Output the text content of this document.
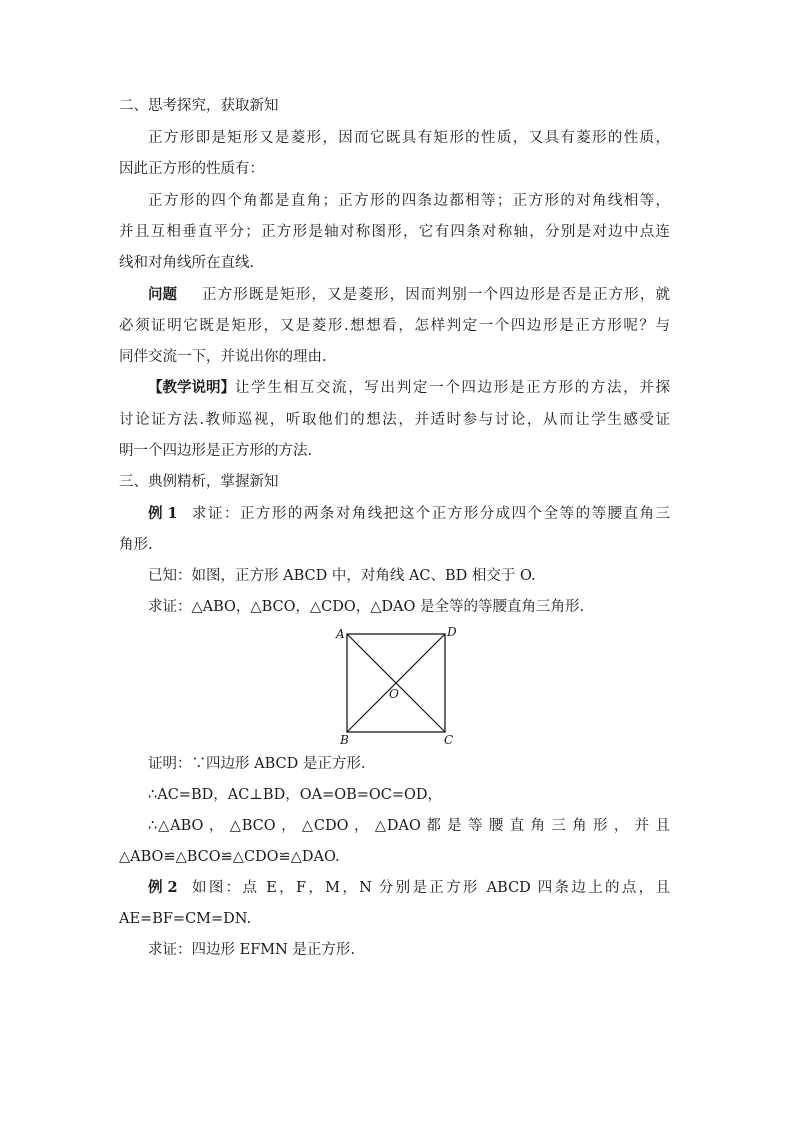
二、思考探究，获取新知
正方形即是矩形又是菱形，因而它既具有矩形的性质，又具有菱形的性质，
因此正方形的性质有：
正方形的四个角都是直角；正方形的四条边都相等；正方形的对角线相等，
并且互相垂直平分；正方形是轴对称图形，它有四条对称轴，分别是对边中点连
线和对角线所在直线.
问题 正方形既是矩形，又是菱形，因而判别一个四边形是否是正方形，就
必须证明它既是矩形，又是菱形.想想看，怎样判定一个四边形是正方形呢？与
同伴交流一下，并说出你的理由.
【教学说明】 让学生相互交流，写出判定一个四边形是正方形的方法，并探
讨论证方法.教师巡视，听取他们的想法，并适时参与讨论，从而让学生感受证
明一个四边形是正方形的方法.
三、典例精析，掌握新知
例 1 求证：正方形的两条对角线把这个正方形分成四个全等的等腰直角三
角形.
已知：如图，正方形 ABCD 中，对角线 AC、BD 相交于 O.
求证：△ABO，△BCO，△CDO，△DAO 是全等的等腰直角三角形.
A	D
B	C
O
证明：∵四边形 ABCD 是正方形.
∴AC=BD，AC⊥BD，OA=OB=OC=OD，
∴△ABO ， △BCO ， △CDO ， △DAO 都 是 等 腰 直 角 三 角 形 ， 并 且
△ABO≌△BCO≌△CDO≌△DAO.
例 2 如图：点 E，F，M，N 分别是正方形 ABCD 四条边上的点，且
AE=BF=CM=DN.
求证：四边形 EFMN 是正方形.
